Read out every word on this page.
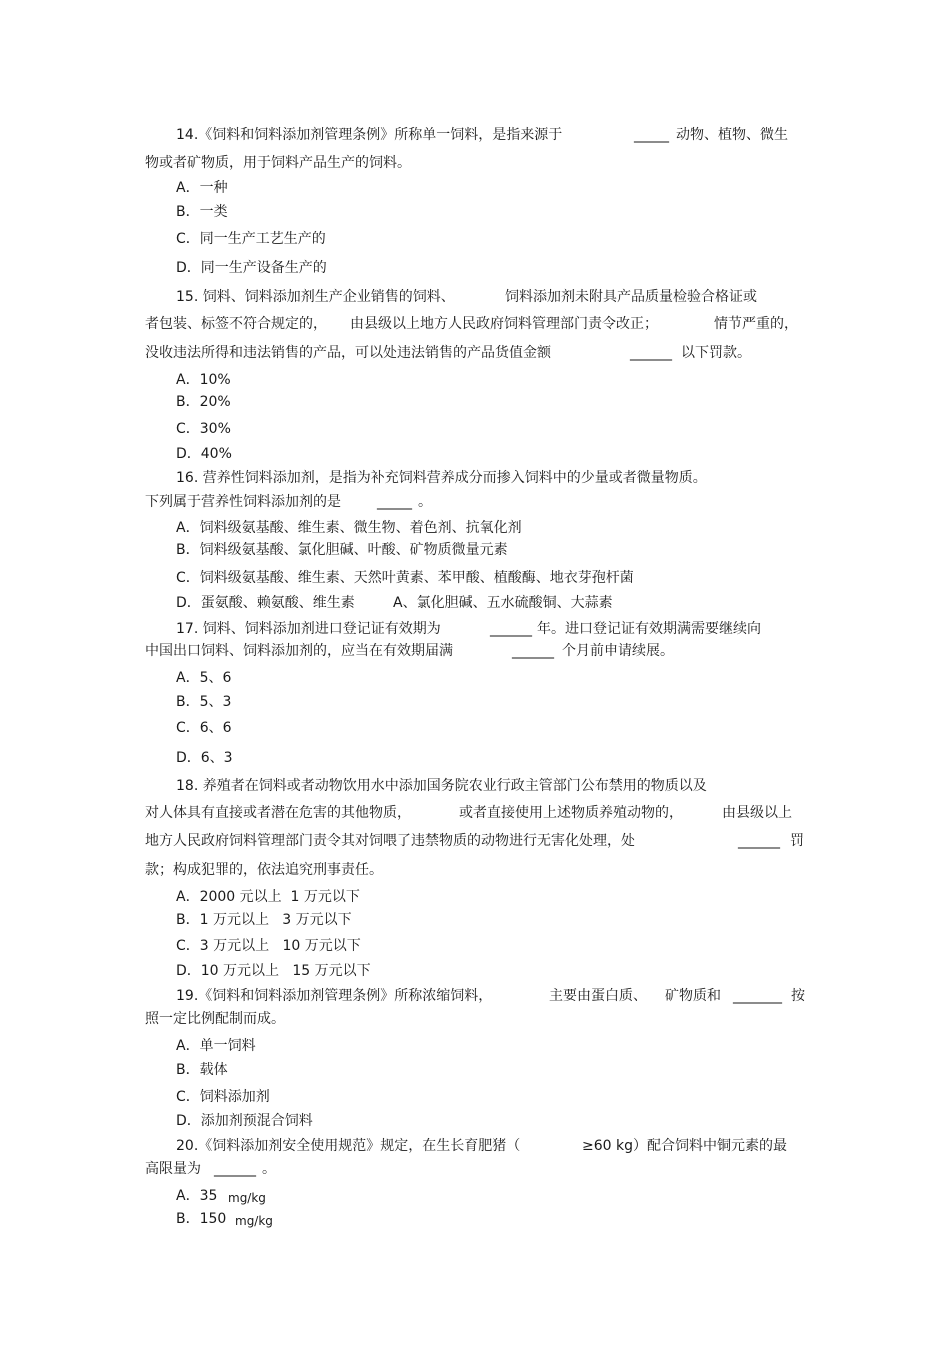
14.《饲料和饲料添加剂管理条例》所称单一饲料，是指来源于	_____ 动物、植物、微生
物或者矿物质，用于饲料产品生产的饲料。
A．一种
B．一类
C．同一生产工艺生产的
D．同一生产设备生产的
15. 饲料、饲料添加剂生产企业销售的饲料、	饲料添加剂未附具产品质量检验合格证或
者包装、标签不符合规定的， 由县级以上地方人民政府饲料管理部门责令改正；	情节严重的，
没收违法所得和违法销售的产品，可以处违法销售的产品货值金额	______ 以下罚款。
A．10%
B．20%
C．30%
D．40%
16. 营养性饲料添加剂，是指为补充饲料营养成分而掺入饲料中的少量或者微量物质。
下列属于营养性饲料添加剂的是	_____ 。
A．饲料级氨基酸、维生素、微生物、着色剂、抗氧化剂
B．饲料级氨基酸、氯化胆碱、叶酸、矿物质微量元素
C．饲料级氨基酸、维生素、天然叶黄素、苯甲酸、植酸酶、地衣芽孢杆菌
D．蛋氨酸、赖氨酸、维生素	A、氯化胆碱、五水硫酸铜、大蒜素
17. 饲料、饲料添加剂进口登记证有效期为	______ 年。进口登记证有效期满需要继续向
中国出口饲料、饲料添加剂的，应当在有效期届满	______ 个月前申请续展。
A．5、6
B．5、3
C．6、6
D．6、3
18. 养殖者在饲料或者动物饮用水中添加国务院农业行政主管部门公布禁用的物质以及
对人体具有直接或者潜在危害的其他物质，	或者直接使用上述物质养殖动物的，	由县级以上
地方人民政府饲料管理部门责令其对饲喂了违禁物质的动物进行无害化处理，处	______ 罚
款；构成犯罪的，依法追究刑事责任。
A．2000 元以上  1 万元以下
B．1 万元以上   3 万元以下
C．3 万元以上   10 万元以下
D．10 万元以上   15 万元以下
19.《饲料和饲料添加剂管理条例》所称浓缩饲料，	主要由蛋白质、 矿物质和 _______ 按
照一定比例配制而成。
A．单一饲料
B．载体
C．饲料添加剂
D．添加剂预混合饲料
20.《饲料添加剂安全使用规范》规定，在生长育肥猪（	≥60 kg）配合饲料中铜元素的最
高限量为 ______ 。
A．35 mg/kg
B．150 mg/kg
